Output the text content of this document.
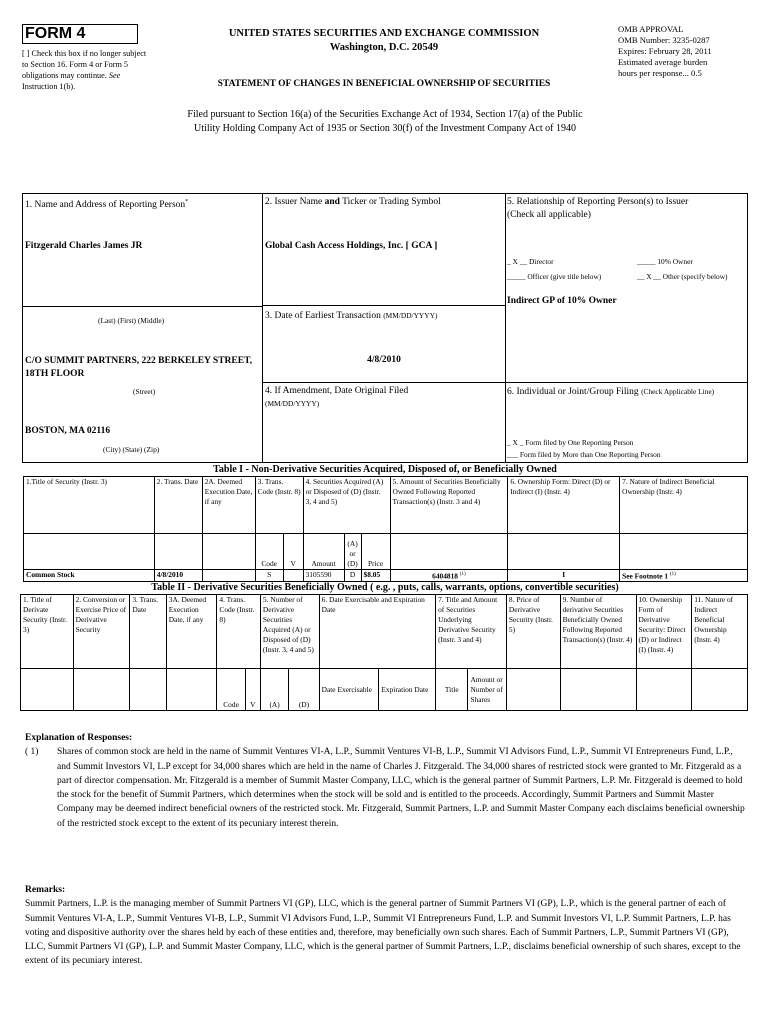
FORM 4
[ ] Check this box if no longer subject to Section 16. Form 4 or Form 5 obligations may continue. See Instruction 1(b).
UNITED STATES SECURITIES AND EXCHANGE COMMISSION
Washington, D.C. 20549
OMB APPROVAL
OMB Number: 3235-0287
Expires: February 28, 2011
Estimated average burden
hours per response... 0.5
STATEMENT OF CHANGES IN BENEFICIAL OWNERSHIP OF SECURITIES
Filed pursuant to Section 16(a) of the Securities Exchange Act of 1934, Section 17(a) of the Public
Utility Holding Company Act of 1935 or Section 30(f) of the Investment Company Act of 1940
1. Name and Address of Reporting Person*
Fitzgerald Charles James JR
(Last) (First) (Middle)
C/O SUMMIT PARTNERS, 222 BERKELEY STREET, 18TH FLOOR
(Street)
BOSTON, MA 02116
(City) (State) (Zip)
2. Issuer Name and Ticker or Trading Symbol
Global Cash Access Holdings, Inc. [ GCA ]
3. Date of Earliest Transaction (MM/DD/YYYY)
4/8/2010
4. If Amendment, Date Original Filed
(MM/DD/YYYY)
5. Relationship of Reporting Person(s) to Issuer
(Check all applicable)
_ X __ Director	_____ 10% Owner
_____ Officer (give title below)	__ X __ Other (specify below)
Indirect GP of 10% Owner
6. Individual or Joint/Group Filing (Check Applicable Line)
_ X _ Form filed by One Reporting Person
___ Form filed by More than One Reporting Person
Table I - Non-Derivative Securities Acquired, Disposed of, or Beneficially Owned
1.Title of Security (Instr. 3)	2. Trans. Date	2A. Deemed Execution Date, if any	3. Trans. Code (Instr. 8)		4. Securities Acquired (A) or Disposed of (D) (Instr. 3, 4 and 5)			5. Amount of Securities Beneficially Owned Following Reported Transaction(s) (Instr. 3 and 4)	6. Ownership Form: Direct (D) or Indirect (I) (Instr. 4)	7. Nature of Indirect Beneficial Ownership (Instr. 4)
			Code	V	Amount	(A) or (D)	Price			
Common Stock	4/8/2010		S		3105590	D	$8.05	6404818 $^{(1)}$	I	See Footnote 1 $^{(1)}$
Table II - Derivative Securities Beneficially Owned ( e.g. , puts, calls, warrants, options, convertible securities)
1. Title of Derivate Security (Instr. 3)	2. Conversion or Exercise Price of Derivative Security	3. Trans. Date	3A. Deemed Execution Date, if any	4. Trans. Code (Instr. 8)		5. Number of Derivative Securities Acquired (A) or Disposed of (D) (Instr. 3, 4 and 5)		6. Date Exercisable and Expiration Date		7. Title and Amount of Securities Underlying Derivative Security (Instr. 3 and 4)		8. Price of Derivative Security (Instr. 5)	9. Number of derivative Securities Beneficially Owned Following Reported Transaction(s) (Instr. 4)	10. Ownership Form of Derivative Security: Direct (D) or Indirect (I) (Instr. 4)	11. Nature of Indirect Beneficial Ownership (Instr. 4)
				Code	V	(A)	(D)	Date Exercisable	Expiration Date	Title	Amount or Number of Shares				
Explanation of Responses:
( 1) Shares of common stock are held in the name of Summit Ventures VI-A, L.P., Summit Ventures VI-B, L.P., Summit VI Advisors Fund, L.P., Summit VI Entrepreneurs Fund, L.P., and Summit Investors VI, L.P except for 34,000 shares which are held in the name of Charles J. Fitzgerald. The 34,000 shares of restricted stock were granted to Mr. Fitzgerald as a part of director compensation. Mr. Fitzgerald is a member of Summit Master Company, LLC, which is the general partner of Summit Partners, L.P. Mr. Fitzgerald is deemed to hold the stock for the benefit of Summit Partners, which determines when the stock will be sold and is entitled to the proceeds. Accordingly, Summit Partners and Summit Master Company may be deemed indirect beneficial owners of the restricted stock. Mr. Fitzgerald, Summit Partners, L.P. and Summit Master Company each disclaims beneficial ownership of the restricted stock except to the extent of its pecuniary interest therein.
Remarks:
Summit Partners, L.P. is the managing member of Summit Partners VI (GP), LLC, which is the general partner of Summit Partners VI (GP), L.P., which is the general partner of each of Summit Ventures VI-A, L.P., Summit Ventures VI-B, L.P., Summit VI Advisors Fund, L.P., Summit VI Entrepreneurs Fund, L.P. and Summit Investors VI, L.P. Summit Partners, L.P. has voting and dispositive authority over the shares held by each of these entities and, therefore, may beneficially own such shares. Each of Summit Partners, L.P., Summit Partners VI (GP), LLC, Summit Partners VI (GP), L.P. and Summit Master Company, LLC, which is the general partner of Summit Partners, L.P., disclaims beneficial ownership of such shares, except to the extent of its pecuniary interest.
